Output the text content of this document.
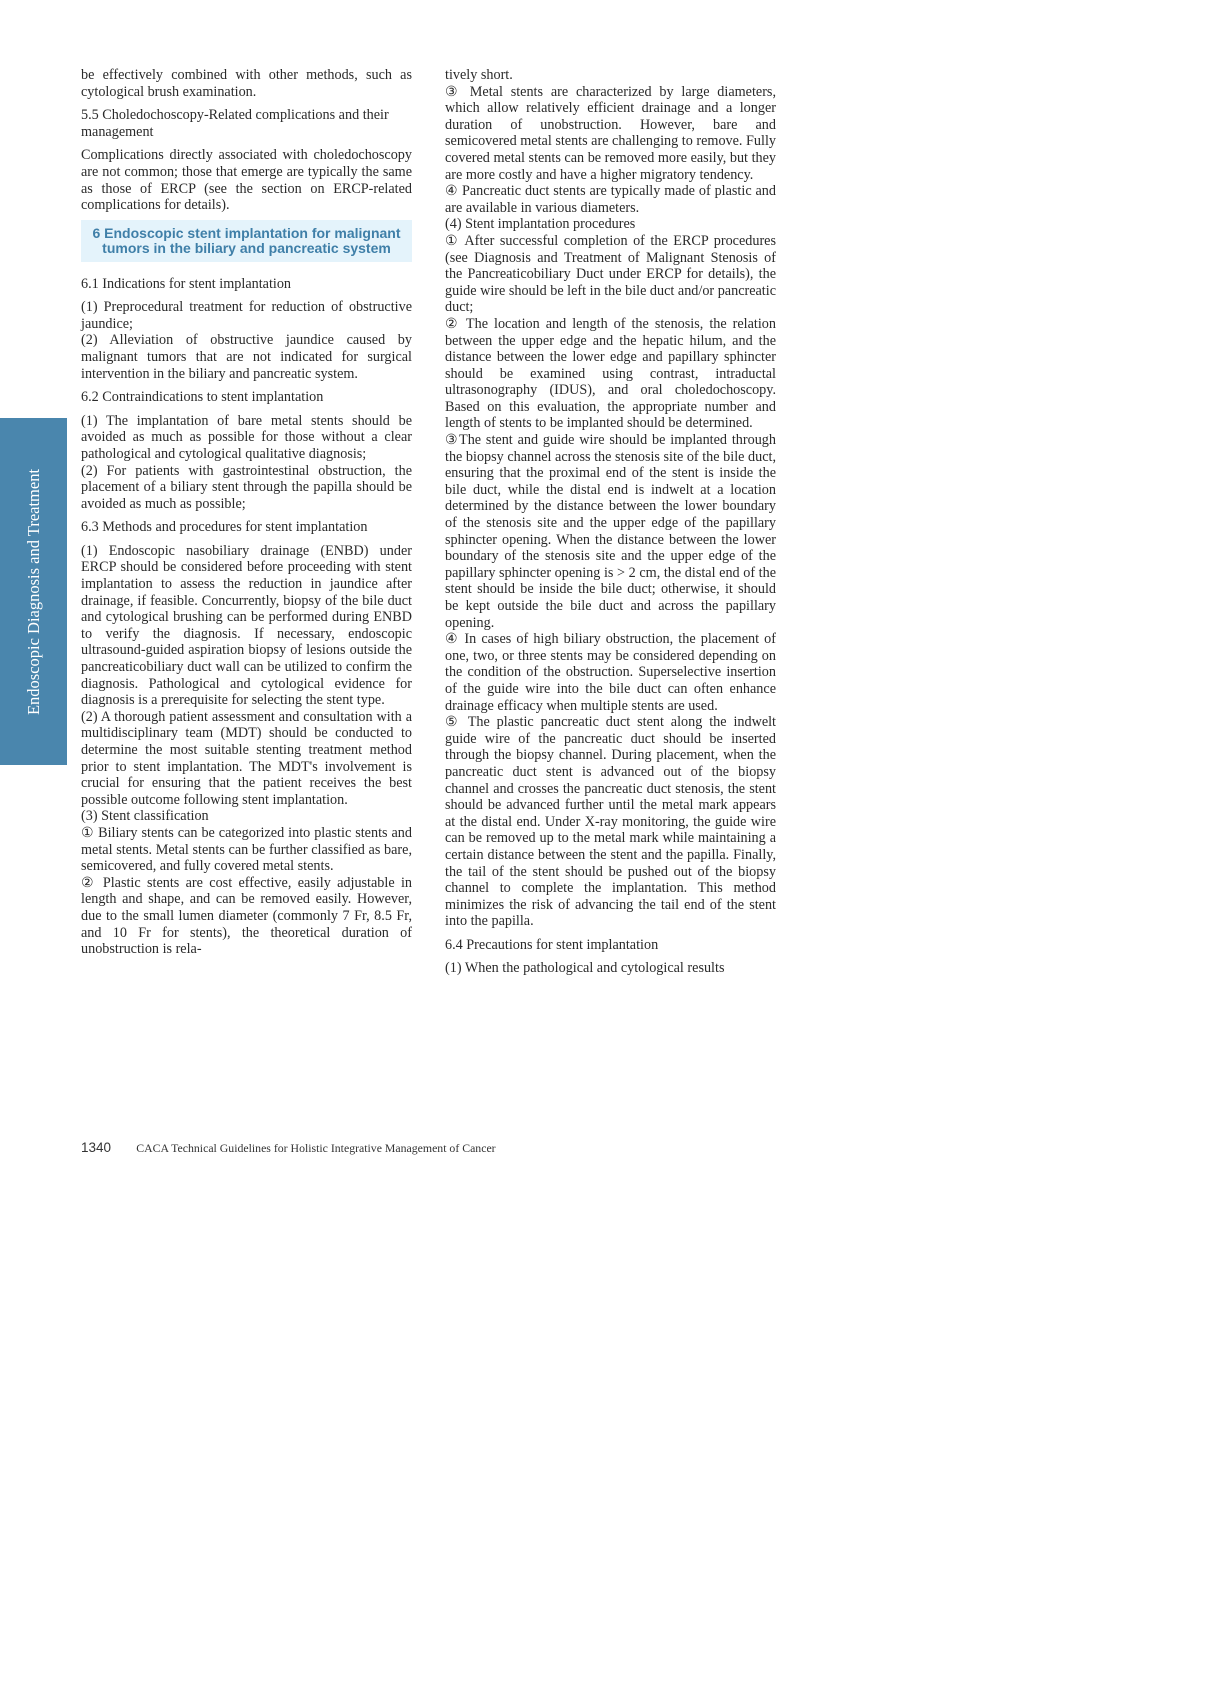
Endoscopic Diagnosis and Treatment

be effectively combined with other methods, such as cytological brush examination.

5.5 Choledochoscopy-Related complications and their management

Complications directly associated with choledochoscopy are not common; those that emerge are typically the same as those of ERCP (see the section on ERCP-related complications for details).

6 Endoscopic stent implantation for malignant tumors in the biliary and pancreatic system
6.1 Indications for stent implantation

(1) Preprocedural treatment for reduction of obstructive jaundice;

(2) Alleviation of obstructive jaundice caused by malignant tumors that are not indicated for surgical intervention in the biliary and pancreatic system.

6.2 Contraindications to stent implantation

(1) The implantation of bare metal stents should be avoided as much as possible for those without a clear pathological and cytological qualitative diagnosis;

(2) For patients with gastrointestinal obstruction, the placement of a biliary stent through the papilla should be avoided as much as possible;

6.3 Methods and procedures for stent implantation

(1) Endoscopic nasobiliary drainage (ENBD) under ERCP should be considered before proceeding with stent implantation to assess the reduction in jaundice after drainage, if feasible. Concurrently, biopsy of the bile duct and cytological brushing can be performed during ENBD to verify the diagnosis. If necessary, endoscopic ultrasound-guided aspiration biopsy of lesions outside the pancreaticobiliary duct wall can be utilized to confirm the diagnosis. Pathological and cytological evidence for diagnosis is a prerequisite for selecting the stent type.

(2) A thorough patient assessment and consultation with a multidisciplinary team (MDT) should be conducted to determine the most suitable stenting treatment method prior to stent implantation. The MDT's involvement is crucial for ensuring that the patient receives the best possible outcome following stent implantation.

(3) Stent classification

① Biliary stents can be categorized into plastic stents and metal stents. Metal stents can be further classified as bare, semicovered, and fully covered metal stents.

② Plastic stents are cost effective, easily adjustable in length and shape, and can be removed easily. However, due to the small lumen diameter (commonly 7 Fr, 8.5 Fr, and 10 Fr for stents), the theoretical duration of unobstruction is rela-

tively short.

③ Metal stents are characterized by large diameters, which allow relatively efficient drainage and a longer duration of unobstruction. However, bare and semicovered metal stents are challenging to remove. Fully covered metal stents can be removed more easily, but they are more costly and have a higher migratory tendency.

④ Pancreatic duct stents are typically made of plastic and are available in various diameters.

(4) Stent implantation procedures

① After successful completion of the ERCP procedures (see Diagnosis and Treatment of Malignant Stenosis of the Pancreaticobiliary Duct under ERCP for details), the guide wire should be left in the bile duct and/or pancreatic duct;

② The location and length of the stenosis, the relation between the upper edge and the hepatic hilum, and the distance between the lower edge and papillary sphincter should be examined using contrast, intraductal ultrasonography (IDUS), and oral choledochoscopy. Based on this evaluation, the appropriate number and length of stents to be implanted should be determined.

③The stent and guide wire should be implanted through the biopsy channel across the stenosis site of the bile duct, ensuring that the proximal end of the stent is inside the bile duct, while the distal end is indwelt at a location determined by the distance between the lower boundary of the stenosis site and the upper edge of the papillary sphincter opening. When the distance between the lower boundary of the stenosis site and the upper edge of the papillary sphincter opening is > 2 cm, the distal end of the stent should be inside the bile duct; otherwise, it should be kept outside the bile duct and across the papillary opening.

④ In cases of high biliary obstruction, the placement of one, two, or three stents may be considered depending on the condition of the obstruction. Superselective insertion of the guide wire into the bile duct can often enhance drainage efficacy when multiple stents are used.

⑤ The plastic pancreatic duct stent along the indwelt guide wire of the pancreatic duct should be inserted through the biopsy channel. During placement, when the pancreatic duct stent is advanced out of the biopsy channel and crosses the pancreatic duct stenosis, the stent should be advanced further until the metal mark appears at the distal end. Under X-ray monitoring, the guide wire can be removed up to the metal mark while maintaining a certain distance between the stent and the papilla. Finally, the tail of the stent should be pushed out of the biopsy channel to complete the implantation. This method minimizes the risk of advancing the tail end of the stent into the papilla.

6.4 Precautions for stent implantation

(1) When the pathological and cytological results

1340 CACA Technical Guidelines for Holistic Integrative Management of Cancer
